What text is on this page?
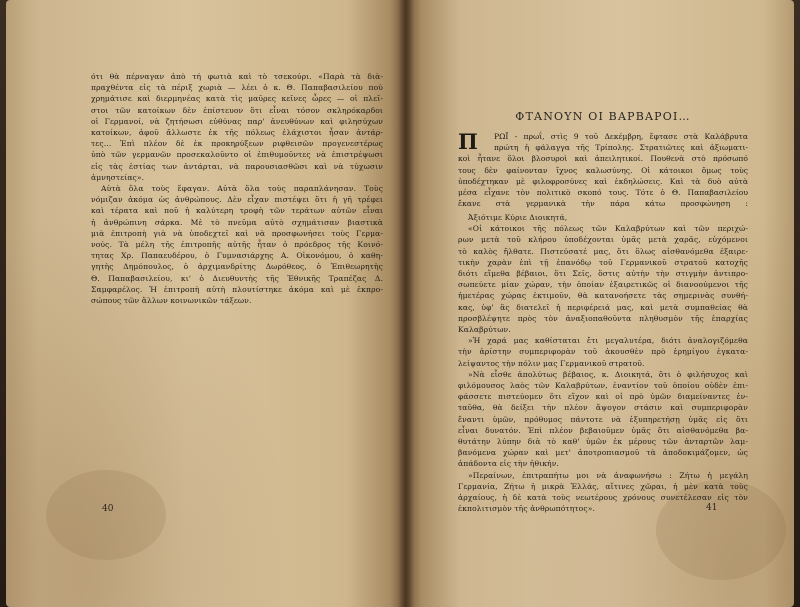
ότι θὰ πέρναγαν ἀπὸ τή φωτιὰ καὶ τὸ τσεκούρι. «Παρὰ τὰ διὰ-
πραχθέντα εἰς τὰ πέριξ χωριὰ — λέει ὁ κ. Θ. Παπαβασιλείου ποὺ
χρημάτισε καὶ διερμηνέας κατὰ τὶς μαῦρες κεῖνες ὧρες — οἱ πλεῖ-
στοι τῶν κατοίκων δὲν ἐπίστευον ὅτι εἶναι τόσον σκληρόκαρδοι
οἱ Γερμανοί, νὰ ζητήσωσι εὐθύνας παρ' ἀνευθύνων καὶ φιλησύχων
κατοίκων, ἀφοῦ ἄλλωστε ἐκ τῆς πόλεως ἐλάχιστοι ἦσαν ἀντάρ-
τες… Ἐπὶ πλέον δὲ ἐκ προκηρύξεων ριφθεισῶν προγενεστέρως
ὑπὸ τῶν γερμανῶν προσεκαλοῦντο οἱ ἐπιθυμοῦντες νὰ ἐπιστρέψωσι
εἰς τὰς ἑστίας των ἀντάρται, νὰ παρουσιασθῶσι καὶ νὰ τύχωσιν
ἀμνηστείας».
Αὐτὰ ὅλα τοὺς ἔφαγαν. Αὐτὰ ὅλα τοὺς παραπλάνησαν. Τοὺς
νόμιζαν ἀκόμα ὡς ἀνθρώπους. Δὲν εἶχαν πιστέψει ὅτι ἡ γῆ τρέφει
καὶ τέρατα καὶ ποῦ ἡ καλύτερη τροφὴ τῶν τεράτων αὐτῶν εἶναι
ἡ ἀνθρώπινη σάρκα. Μὲ τὸ πνεῦμα αὐτὸ σχημάτισαν βιαστικὰ
μιὰ ἐπιτροπὴ γιὰ νὰ ὑποδεχτεῖ καὶ νὰ προσφωνήσει τοὺς Γερμα-
νούς. Τὰ μέλη τῆς ἐπιτροπῆς αὐτῆς ἦταν ὁ πρόεδρος τῆς Κοινό-
τητας Χρ. Παπαευδέρου, ὁ Γυμνασιάρχης Α. Οἰκονόμου, ὁ καθη-
γητὴς Δημόπουλος, ὁ ἀρχιμανδρίτης Δωρόθεος, ὁ Ἐπιθεωρητὴς
Θ. Παπαβασιλείου, κι' ὁ Διευθυντὴς τῆς Ἐθνικῆς Τραπέζας Δ.
Σαμφαρέλος. Ἡ ἐπιτροπὴ αὐτὴ πλουτίστηκε ἀκόμα καὶ μὲ ἐκπρο-
σώπους τῶν ἄλλων κοινωνικῶν τάξεων.
40
ΦΤΑΝΟΥΝ ΟΙ ΒΑΡΒΑΡΟΙ…
Π	ΡΩΪ - πρωΐ, στὶς 9 τοῦ Δεκέμβρη, ἔφτασε στὰ Καλάβρυτα
πρώτη ἡ φάλαγγα τῆς Τρίπολης. Στρατιῶτες καὶ ἀξιωματι-
κοὶ ἦτανε ὅλοι βλοσυροὶ καὶ ἀπειλητικοί. Πουθενὰ στὸ πρόσωπό
τους δὲν φαίνονταν ἴχνος καλωσύνης. Οἱ κάτοικοι ὅμως τοὺς
ὑποδέχτηκαν μὲ φιλοφροσύνες καὶ ἐκδηλώσεις. Καὶ τὰ δυὸ αὐτὰ
μέσα εἶχανε τὸν πολιτικὸ σκοπό τους. Τότε ὁ Θ. Παπαβασιλείου
ἔκανε στὰ γερμανικὰ τὴν πάρα κάτω προσφώνηση :
Ἀξιότιμε Κύριε Διοικητά,
«Οἱ κάτοικοι τῆς πόλεως τῶν Καλαβρύτων καὶ τῶν περιχώ-
ρων μετὰ τοῦ κλήρου ὑποδέχονται ὑμᾶς μετὰ χαρᾶς, εὐχόμενοι
τὸ καλὸς ἤλθατε. Πιστεύσατέ μας, ὅτι ὅλως αἰσθανόμεθα ἐξαιρε-
τικὴν χαρὰν ἐπὶ τῇ ἐπανόδῳ τοῦ Γερμανικοῦ στρατοῦ κατοχῆς
διότι εἴμεθα βέβαιοι, ὅτι Σεῖς, ὅστις αὐτὴν τὴν στιγμὴν ἀντιπρο-
σωπεύετε μίαν χώραν, τὴν ὁποίαν ἐξαιρετικῶς οἱ διανοούμενοι τῆς
ἡμετέρας χώρας ἐκτιμοῦν, θὰ κατανοήσετε τὰς σημερινὰς συνθή-
κας, ὑφ' ἃς διατελεῖ ἡ περιφέρειά μας, καὶ μετὰ συμπαθείας θὰ
προσβλέψητε πρὸς τὸν ἀναξιοπαθοῦντα πληθυσμὸν τῆς ἐπαρχίας
Καλαβρύτων.
»Ἡ χαρά μας καθίσταται ἔτι μεγαλυτέρα, διότι ἀναλογιζόμεθα
τὴν ἀρίστην συμπεριφορὰν τοῦ ἀκουσθὲν πρὸ ἐρημίγου ἐγκατα-
λείψαντος τὴν πόλιν μας Γερμανικοῦ στρατοῦ.
»Νὰ εἶσθε ἀπολύτως βέβαιος, κ. Διοικητά, ὅτι ὁ φιλήσυχος καὶ
φιλόμουσος λαὸς τῶν Καλαβρύτων, ἐναντίον τοῦ ὁποίου οὐδὲν ἐπι-
φάσσετε πιστεύομεν ὅτι εἴχον καὶ οἱ πρὸ ὑμῶν διαμείναντες ἐν-
ταῦθα, θὰ δείξει τὴν πλέον ἄψογον στάσιν καὶ συμπεριφορὰν
ἔναντι ὑμῶν, πρόθυμος πάντοτε νὰ ἐξυπηρετήσῃ ὑμᾶς εἰς ὅτι
εἶναι δυνατόν. Ἐπὶ πλέον βεβαιοῦμεν ὑμᾶς ὅτι αἰσθανόμεθα βα-
θυτάτην λύπην διὰ τὸ καθ' ὑμῶν ἐκ μέρους τῶν ἀνταρτῶν λαμ-
βανόμενα χώραν καὶ μετ' ἀποτροπιασμοῦ τὰ ἀποδοκιμάζομεν, ὡς
ἀπάδοντα εἰς τὴν ἠθικήν.
»Περαίνων, ἐπιτραπήτω μοι νὰ ἀναφωνήσω : Ζήτω ἡ μεγάλη
Γερμανία, Ζήτω ἡ μικρὰ Ἑλλάς, αἵτινες χῶραι, ἡ μὲν κατὰ τοὺς
ἀρχαίους, ἡ δὲ κατὰ τοὺς νεωτέρους χρόνους συνετέλεσαν εἰς τὸν
ἐκπολιτισμὸν τῆς ἀνθρωπότητος».	41
